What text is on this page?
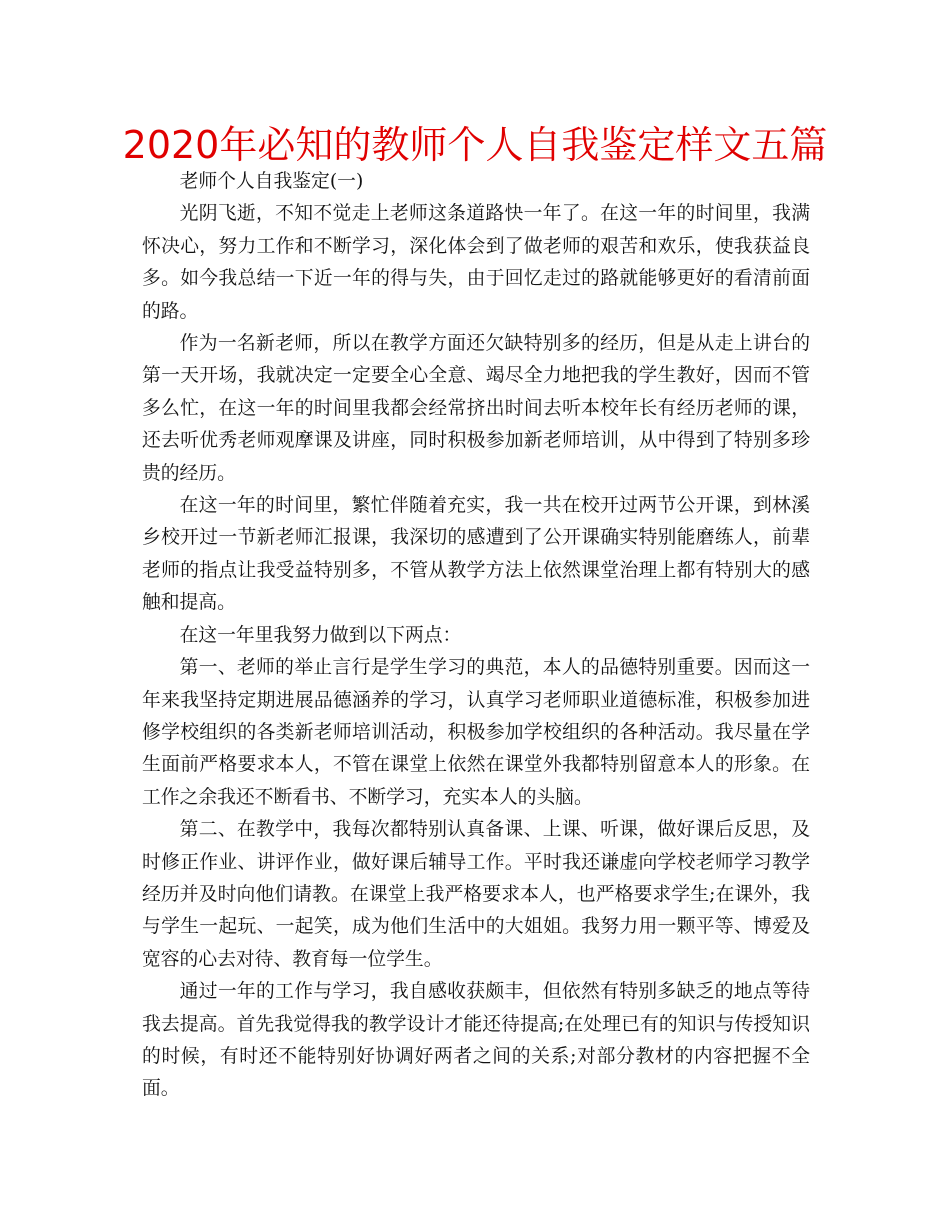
2020年必知的教师个人自我鉴定样文五篇

老师个人自我鉴定(一)

光阴飞逝，不知不觉走上老师这条道路快一年了。在这一年的时间里，我满怀决心，努力工作和不断学习，深化体会到了做老师的艰苦和欢乐，使我获益良多。如今我总结一下近一年的得与失，由于回忆走过的路就能够更好的看清前面的路。

作为一名新老师，所以在教学方面还欠缺特别多的经历，但是从走上讲台的第一天开场，我就决定一定要全心全意、竭尽全力地把我的学生教好，因而不管多么忙，在这一年的时间里我都会经常挤出时间去听本校年长有经历老师的课，还去听优秀老师观摩课及讲座，同时积极参加新老师培训，从中得到了特别多珍贵的经历。

在这一年的时间里，繁忙伴随着充实，我一共在校开过两节公开课，到林溪乡校开过一节新老师汇报课，我深切的感遭到了公开课确实特别能磨练人，前辈老师的指点让我受益特别多，不管从教学方法上依然课堂治理上都有特别大的感触和提高。

在这一年里我努力做到以下两点：

第一、老师的举止言行是学生学习的典范，本人的品德特别重要。因而这一年来我坚持定期进展品德涵养的学习，认真学习老师职业道德标准，积极参加进修学校组织的各类新老师培训活动，积极参加学校组织的各种活动。我尽量在学生面前严格要求本人，不管在课堂上依然在课堂外我都特别留意本人的形象。在工作之余我还不断看书、不断学习，充实本人的头脑。

第二、在教学中，我每次都特别认真备课、上课、听课，做好课后反思，及时修正作业、讲评作业，做好课后辅导工作。平时我还谦虚向学校老师学习教学经历并及时向他们请教。在课堂上我严格要求本人，也严格要求学生;在课外，我与学生一起玩、一起笑，成为他们生活中的大姐姐。我努力用一颗平等、博爱及宽容的心去对待、教育每一位学生。

通过一年的工作与学习，我自感收获颇丰，但依然有特别多缺乏的地点等待我去提高。首先我觉得我的教学设计才能还待提高;在处理已有的知识与传授知识的时候，有时还不能特别好协调好两者之间的关系;对部分教材的内容把握不全面。
